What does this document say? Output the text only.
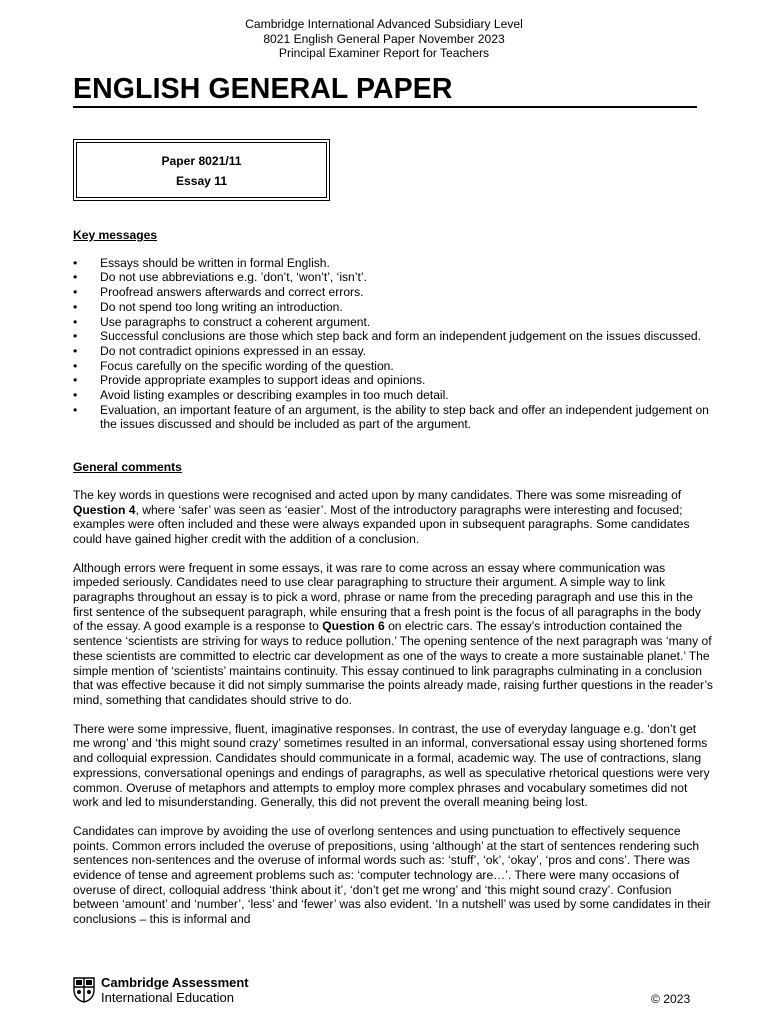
Cambridge International Advanced Subsidiary Level
8021 English General Paper November 2023
Principal Examiner Report for Teachers
ENGLISH GENERAL PAPER
Paper 8021/11
Essay 11

Key messages

• Essays should be written in formal English.
• Do not use abbreviations e.g. ’don’t, ‘won’t’, ‘isn’t’.
• Proofread answers afterwards and correct errors.
• Do not spend too long writing an introduction.
• Use paragraphs to construct a coherent argument.
• Successful conclusions are those which step back and form an independent judgement on the issues discussed.
• Do not contradict opinions expressed in an essay.
• Focus carefully on the specific wording of the question.
• Provide appropriate examples to support ideas and opinions.
• Avoid listing examples or describing examples in too much detail.
• Evaluation, an important feature of an argument, is the ability to step back and offer an independent judgement on the issues discussed and should be included as part of the argument.

General comments

The key words in questions were recognised and acted upon by many candidates. There was some misreading of Question 4, where ‘safer’ was seen as ‘easier’. Most of the introductory paragraphs were interesting and focused; examples were often included and these were always expanded upon in subsequent paragraphs. Some candidates could have gained higher credit with the addition of a conclusion.

Although errors were frequent in some essays, it was rare to come across an essay where communication was impeded seriously. Candidates need to use clear paragraphing to structure their argument. A simple way to link paragraphs throughout an essay is to pick a word, phrase or name from the preceding paragraph and use this in the first sentence of the subsequent paragraph, while ensuring that a fresh point is the focus of all paragraphs in the body of the essay. A good example is a response to Question 6 on electric cars. The essay’s introduction contained the sentence ‘scientists are striving for ways to reduce pollution.’ The opening sentence of the next paragraph was ‘many of these scientists are committed to electric car development as one of the ways to create a more sustainable planet.’ The simple mention of ‘scientists’ maintains continuity. This essay continued to link paragraphs culminating in a conclusion that was effective because it did not simply summarise the points already made, raising further questions in the reader’s mind, something that candidates should strive to do.

There were some impressive, fluent, imaginative responses. In contrast, the use of everyday language e.g. ‘don’t get me wrong’ and ‘this might sound crazy’ sometimes resulted in an informal, conversational essay using shortened forms and colloquial expression. Candidates should communicate in a formal, academic way. The use of contractions, slang expressions, conversational openings and endings of paragraphs, as well as speculative rhetorical questions were very common. Overuse of metaphors and attempts to employ more complex phrases and vocabulary sometimes did not work and led to misunderstanding. Generally, this did not prevent the overall meaning being lost.

Candidates can improve by avoiding the use of overlong sentences and using punctuation to effectively sequence points. Common errors included the overuse of prepositions, using ‘although’ at the start of sentences rendering such sentences non-sentences and the overuse of informal words such as: ‘stuff’, ‘ok’, ‘okay’, ‘pros and cons’. There was evidence of tense and agreement problems such as: ‘computer technology are…’. There were many occasions of overuse of direct, colloquial address ‘think about it’, ‘don’t get me wrong’ and ‘this might sound crazy’. Confusion between ‘amount’ and ‘number’, ‘less’ and ‘fewer’ was also evident. ‘In a nutshell’ was used by some candidates in their conclusions – this is informal and

Cambridge Assessment
International Education	© 2023
